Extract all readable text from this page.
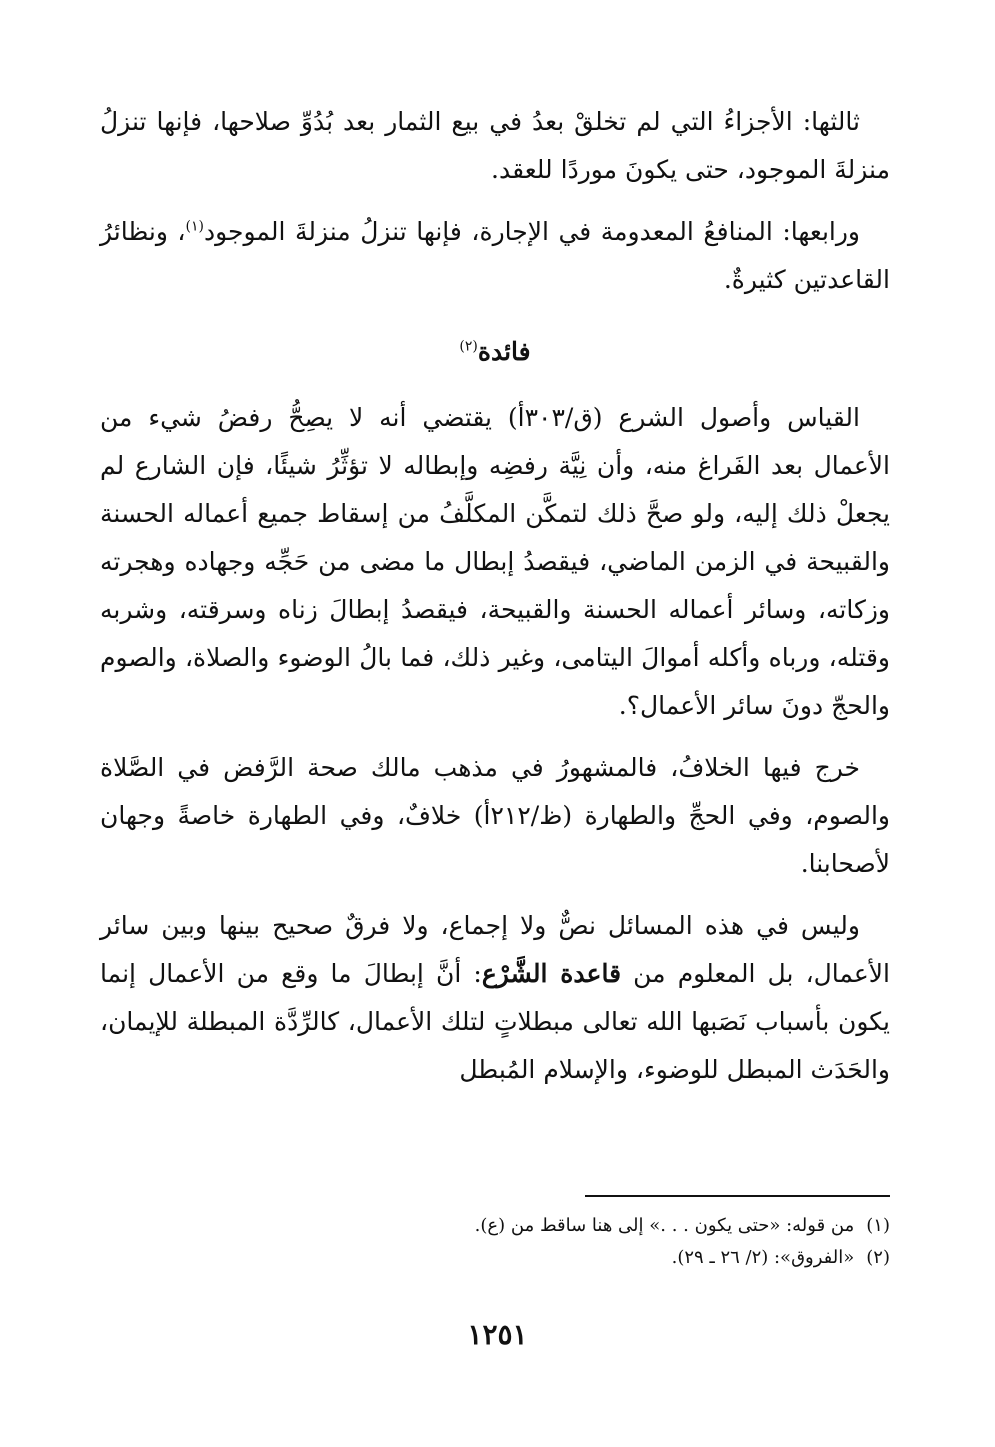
ثالثها: الأجزاءُ التي لم تخلقْ بعدُ في بيع الثمار بعد بُدُوِّ صلاحها، فإنها تنزلُ منزلةَ الموجود، حتى يكونَ موردًا للعقد.

ورابعها: المنافعُ المعدومة في الإجارة، فإنها تنزلُ منزلةَ الموجود$^{(١)}$، ونظائرُ القاعدتين كثيرةٌ.

فائدة$^{(٢)}$

القياس وأصول الشرع (ق/٣٠٣أ) يقتضي أنه لا يصِحُّ رفضُ شيء من الأعمال بعد الفَراغ منه، وأن نِيَّة رفضِه وإبطاله لا تؤثِّرُ شيئًا، فإن الشارع لم يجعلْ ذلك إليه، ولو صحَّ ذلك لتمكَّن المكلَّفُ من إسقاط جميع أعماله الحسنة والقبيحة في الزمن الماضي، فيقصدُ إبطال ما مضى من حَجِّه وجهاده وهجرته وزكاته، وسائر أعماله الحسنة والقبيحة، فيقصدُ إبطالَ زناه وسرقته، وشربه وقتله، ورباه وأكله أموالَ اليتامى، وغير ذلك، فما بالُ الوضوء والصلاة، والصوم والحجّ دونَ سائر الأعمال؟.

خرج فيها الخلافُ، فالمشهورُ في مذهب مالك صحة الرَّفض في الصَّلاة والصوم، وفي الحجِّ والطهارة (ظ/٢١٢أ) خلافٌ، وفي الطهارة خاصةً وجهان لأصحابنا.

وليس في هذه المسائل نصٌّ ولا إجماع، ولا فرقٌ صحيح بينها وبين سائر الأعمال، بل المعلوم من قاعدة الشَّرْع: أنَّ إبطالَ ما وقع من الأعمال إنما يكون بأسباب نَصَبها الله تعالى مبطلاتٍ لتلك الأعمال، كالرِّدَّة المبطلة للإيمان، والحَدَث المبطل للوضوء، والإسلام المُبطل

(١)
من قوله: «حتى يكون . . .» إلى هنا ساقط من (ع).
(٢)
«الفروق»: (٢/ ٢٦ ـ ٢٩).
١٢٥١
